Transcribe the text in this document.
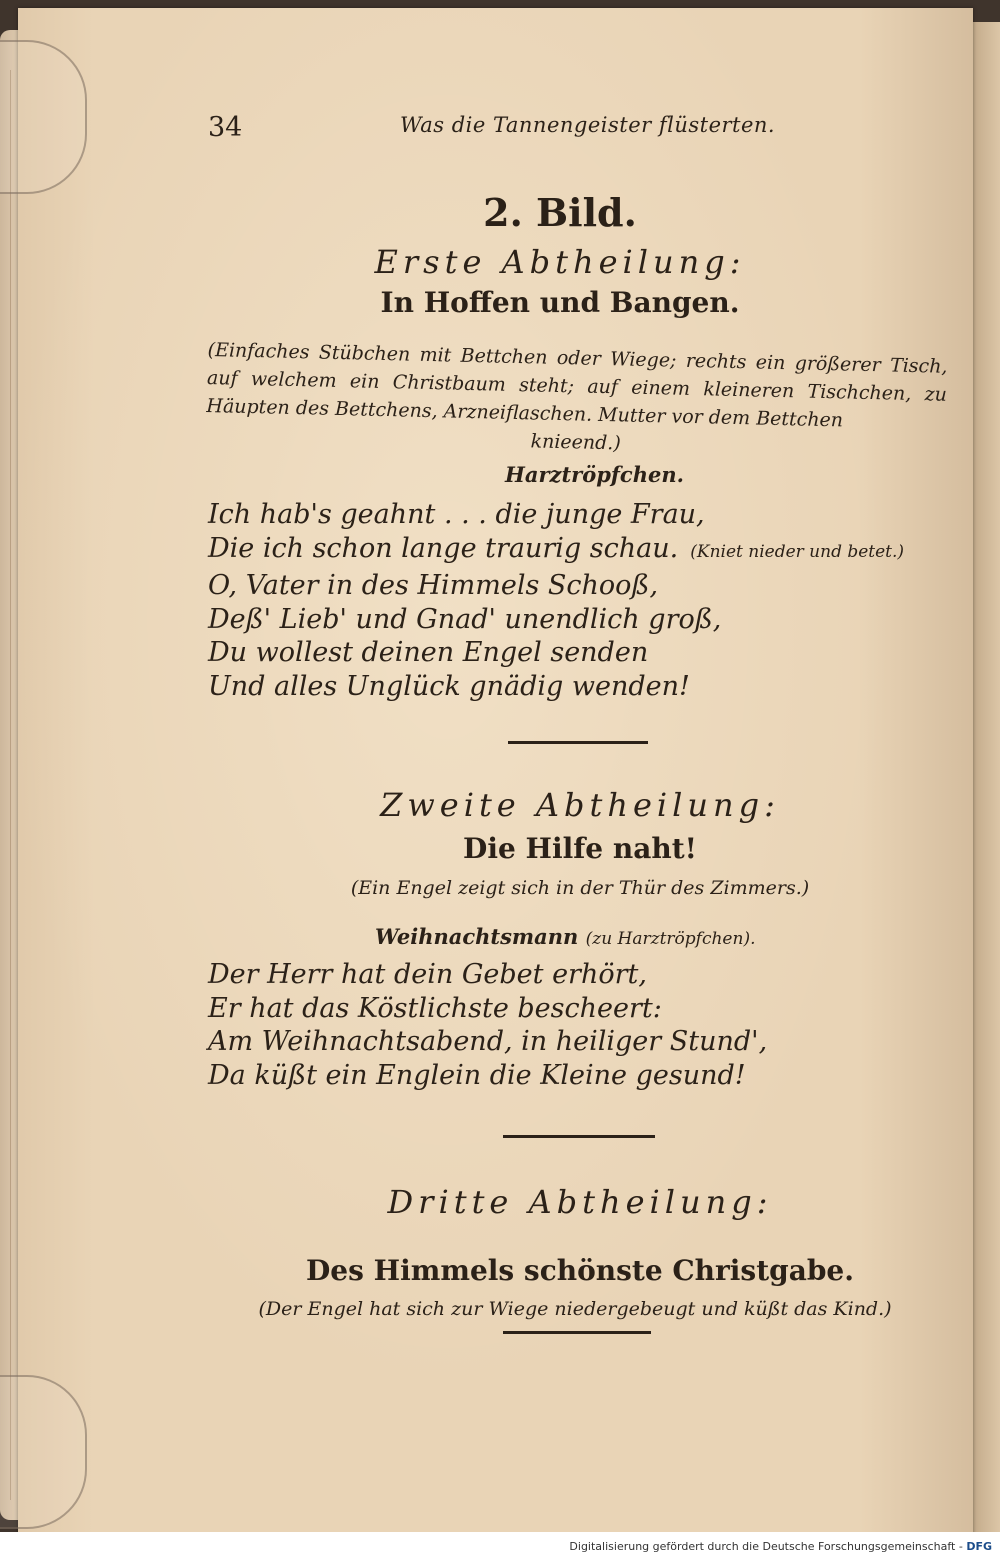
34	Was die Tannengeister flüsterten.
2. Bild.
Erste Abtheilung:
In Hoffen und Bangen.
(Einfaches Stübchen mit Bettchen oder Wiege; rechts ein größerer Tisch, auf welchem ein Christbaum steht; auf einem kleineren Tischchen, zu Häupten des Bettchens, Arzneiflaschen. Mutter vor dem Bettchen
knieend.)
Harztröpfchen.
Ich hab's geahnt . . . die junge Frau,
Die ich schon lange traurig schau. (Kniet nieder und betet.)
O, Vater in des Himmels Schooß,
Deß' Lieb' und Gnad' unendlich groß,
Du wollest deinen Engel senden
Und alles Unglück gnädig wenden!
Zweite Abtheilung:
Die Hilfe naht!
(Ein Engel zeigt sich in der Thür des Zimmers.)
Weihnachtsmann (zu Harztröpfchen).
Der Herr hat dein Gebet erhört,
Er hat das Köstlichste bescheert:
Am Weihnachtsabend, in heiliger Stund',
Da küßt ein Englein die Kleine gesund!
Dritte Abtheilung:
Des Himmels schönste Christgabe.
(Der Engel hat sich zur Wiege niedergebeugt und küßt das Kind.)
Digitalisierung gefördert durch die Deutsche Forschungsgemeinschaft - DFG
